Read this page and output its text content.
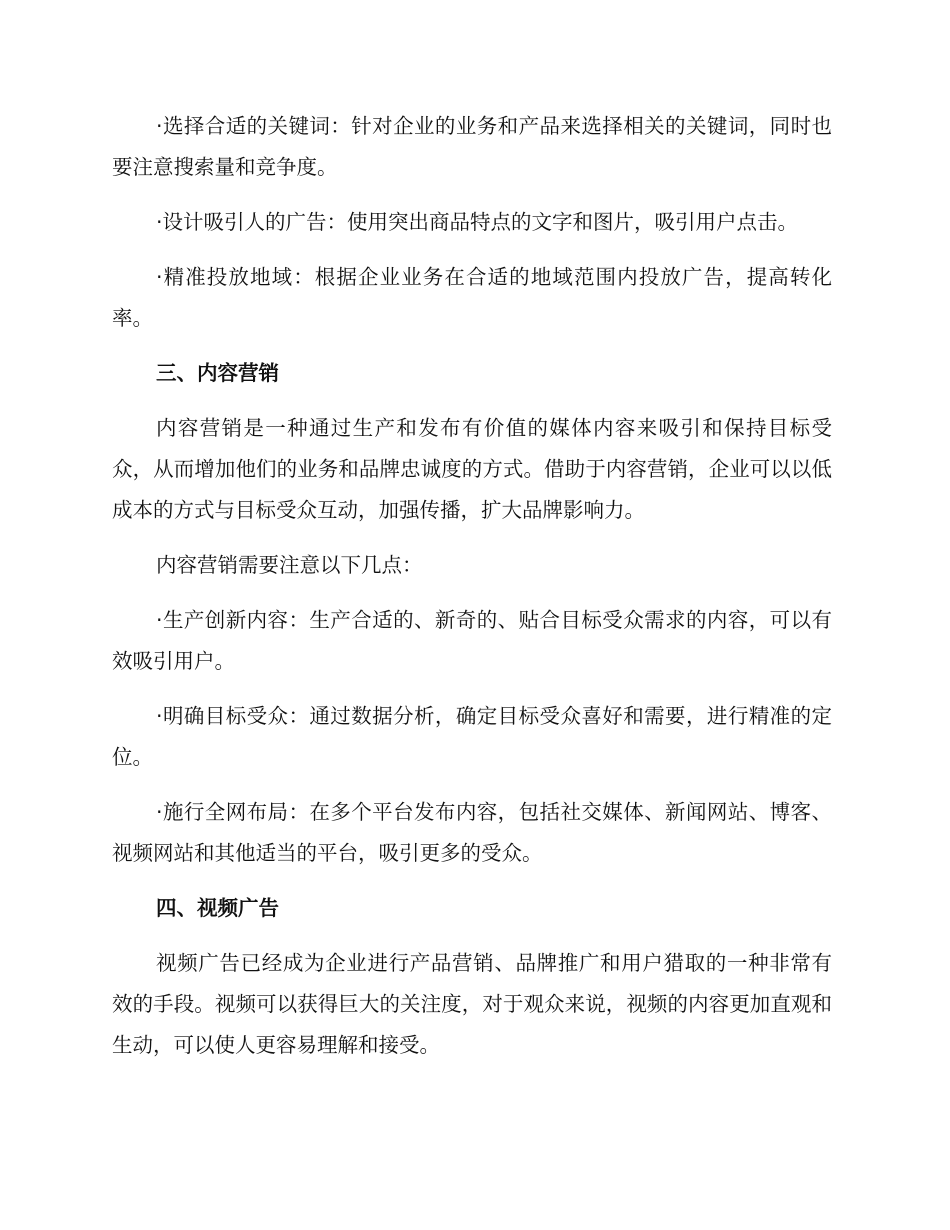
·选择合适的关键词：针对企业的业务和产品来选择相关的关键词，同时也要注意搜索量和竞争度。

·设计吸引人的广告：使用突出商品特点的文字和图片，吸引用户点击。

·精准投放地域：根据企业业务在合适的地域范围内投放广告，提高转化率。

三、内容营销

内容营销是一种通过生产和发布有价值的媒体内容来吸引和保持目标受众，从而增加他们的业务和品牌忠诚度的方式。借助于内容营销，企业可以以低成本的方式与目标受众互动，加强传播，扩大品牌影响力。

内容营销需要注意以下几点：

·生产创新内容：生产合适的、新奇的、贴合目标受众需求的内容，可以有效吸引用户。

·明确目标受众：通过数据分析，确定目标受众喜好和需要，进行精准的定位。

·施行全网布局：在多个平台发布内容，包括社交媒体、新闻网站、博客、视频网站和其他适当的平台，吸引更多的受众。

四、视频广告

视频广告已经成为企业进行产品营销、品牌推广和用户猎取的一种非常有效的手段。视频可以获得巨大的关注度，对于观众来说，视频的内容更加直观和生动，可以使人更容易理解和接受。
